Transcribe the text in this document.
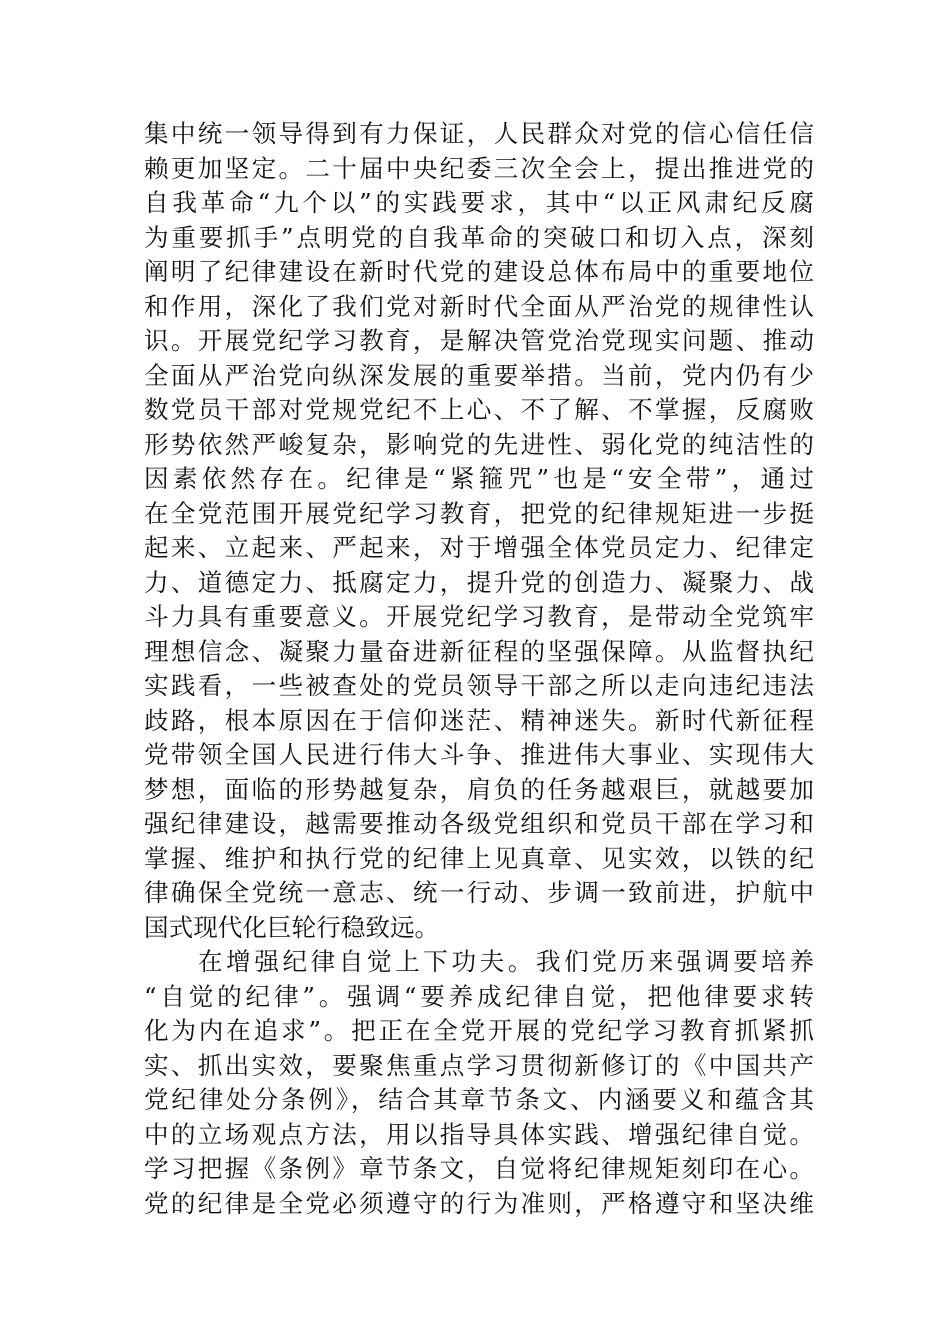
集中统一领导得到有力保证，人民群众对党的信心信任信
赖更加坚定。二十届中央纪委三次全会上，提出推进党的
自我革命“九个以”的实践要求，其中“以正风肃纪反腐
为重要抓手”点明党的自我革命的突破口和切入点，深刻
阐明了纪律建设在新时代党的建设总体布局中的重要地位
和作用，深化了我们党对新时代全面从严治党的规律性认
识。开展党纪学习教育，是解决管党治党现实问题、推动
全面从严治党向纵深发展的重要举措。当前，党内仍有少
数党员干部对党规党纪不上心、不了解、不掌握，反腐败
形势依然严峻复杂，影响党的先进性、弱化党的纯洁性的
因素依然存在。纪律是“紧箍咒”也是“安全带”，通过
在全党范围开展党纪学习教育，把党的纪律规矩进一步挺
起来、立起来、严起来，对于增强全体党员定力、纪律定
力、道德定力、抵腐定力，提升党的创造力、凝聚力、战
斗力具有重要意义。开展党纪学习教育，是带动全党筑牢
理想信念、凝聚力量奋进新征程的坚强保障。从监督执纪
实践看，一些被查处的党员领导干部之所以走向违纪违法
歧路，根本原因在于信仰迷茫、精神迷失。新时代新征程
党带领全国人民进行伟大斗争、推进伟大事业、实现伟大
梦想，面临的形势越复杂，肩负的任务越艰巨，就越要加
强纪律建设，越需要推动各级党组织和党员干部在学习和
掌握、维护和执行党的纪律上见真章、见实效，以铁的纪
律确保全党统一意志、统一行动、步调一致前进，护航中
国式现代化巨轮行稳致远。
在增强纪律自觉上下功夫。我们党历来强调要培养
“自觉的纪律”。强调“要养成纪律自觉，把他律要求转
化为内在追求”。把正在全党开展的党纪学习教育抓紧抓
实、抓出实效，要聚焦重点学习贯彻新修订的《中国共产
党纪律处分条例》，结合其章节条文、内涵要义和蕴含其
中的立场观点方法，用以指导具体实践、增强纪律自觉。
学习把握《条例》章节条文，自觉将纪律规矩刻印在心。
党的纪律是全党必须遵守的行为准则，严格遵守和坚决维
